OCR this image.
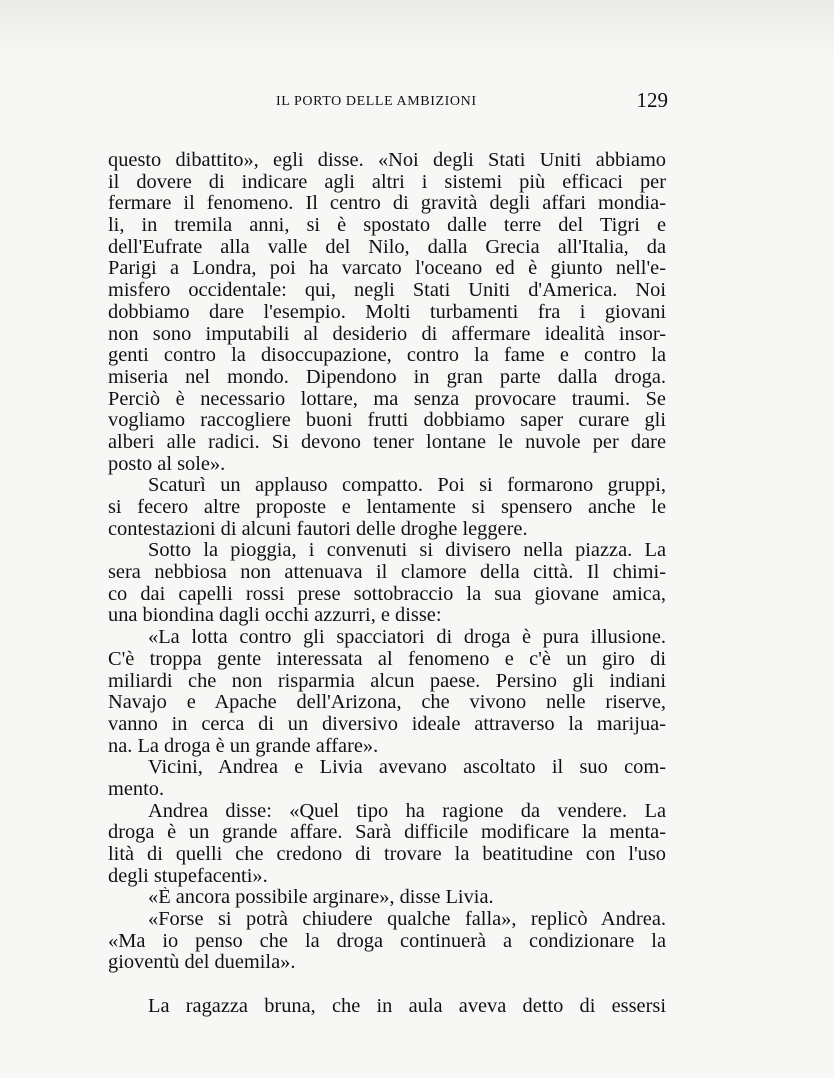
IL PORTO DELLE AMBIZIONI	129
questo dibattito», egli disse. «Noi degli Stati Uniti abbiamo
il dovere di indicare agli altri i sistemi più efficaci per
fermare il fenomeno. Il centro di gravità degli affari mondia-
li, in tremila anni, si è spostato dalle terre del Tigri e
dell'Eufrate alla valle del Nilo, dalla Grecia all'Italia, da
Parigi a Londra, poi ha varcato l'oceano ed è giunto nell'e-
misfero occidentale: qui, negli Stati Uniti d'America. Noi
dobbiamo dare l'esempio. Molti turbamenti fra i giovani
non sono imputabili al desiderio di affermare idealità insor-
genti contro la disoccupazione, contro la fame e contro la
miseria nel mondo. Dipendono in gran parte dalla droga.
Perciò è necessario lottare, ma senza provocare traumi. Se
vogliamo raccogliere buoni frutti dobbiamo saper curare gli
alberi alle radici. Si devono tener lontane le nuvole per dare
posto al sole».
Scaturì un applauso compatto. Poi si formarono gruppi,
si fecero altre proposte e lentamente si spensero anche le
contestazioni di alcuni fautori delle droghe leggere.
Sotto la pioggia, i convenuti si divisero nella piazza. La
sera nebbiosa non attenuava il clamore della città. Il chimi-
co dai capelli rossi prese sottobraccio la sua giovane amica,
una biondina dagli occhi azzurri, e disse:
«La lotta contro gli spacciatori di droga è pura illusione.
C'è troppa gente interessata al fenomeno e c'è un giro di
miliardi che non risparmia alcun paese. Persino gli indiani
Navajo e Apache dell'Arizona, che vivono nelle riserve,
vanno in cerca di un diversivo ideale attraverso la marijua-
na. La droga è un grande affare».
Vicini, Andrea e Livia avevano ascoltato il suo com-
mento.
Andrea disse: «Quel tipo ha ragione da vendere. La
droga è un grande affare. Sarà difficile modificare la menta-
lità di quelli che credono di trovare la beatitudine con l'uso
degli stupefacenti».
«È ancora possibile arginare», disse Livia.
«Forse si potrà chiudere qualche falla», replicò Andrea.
«Ma io penso che la droga continuerà a condizionare la
gioventù del duemila».
La ragazza bruna, che in aula aveva detto di essersi
